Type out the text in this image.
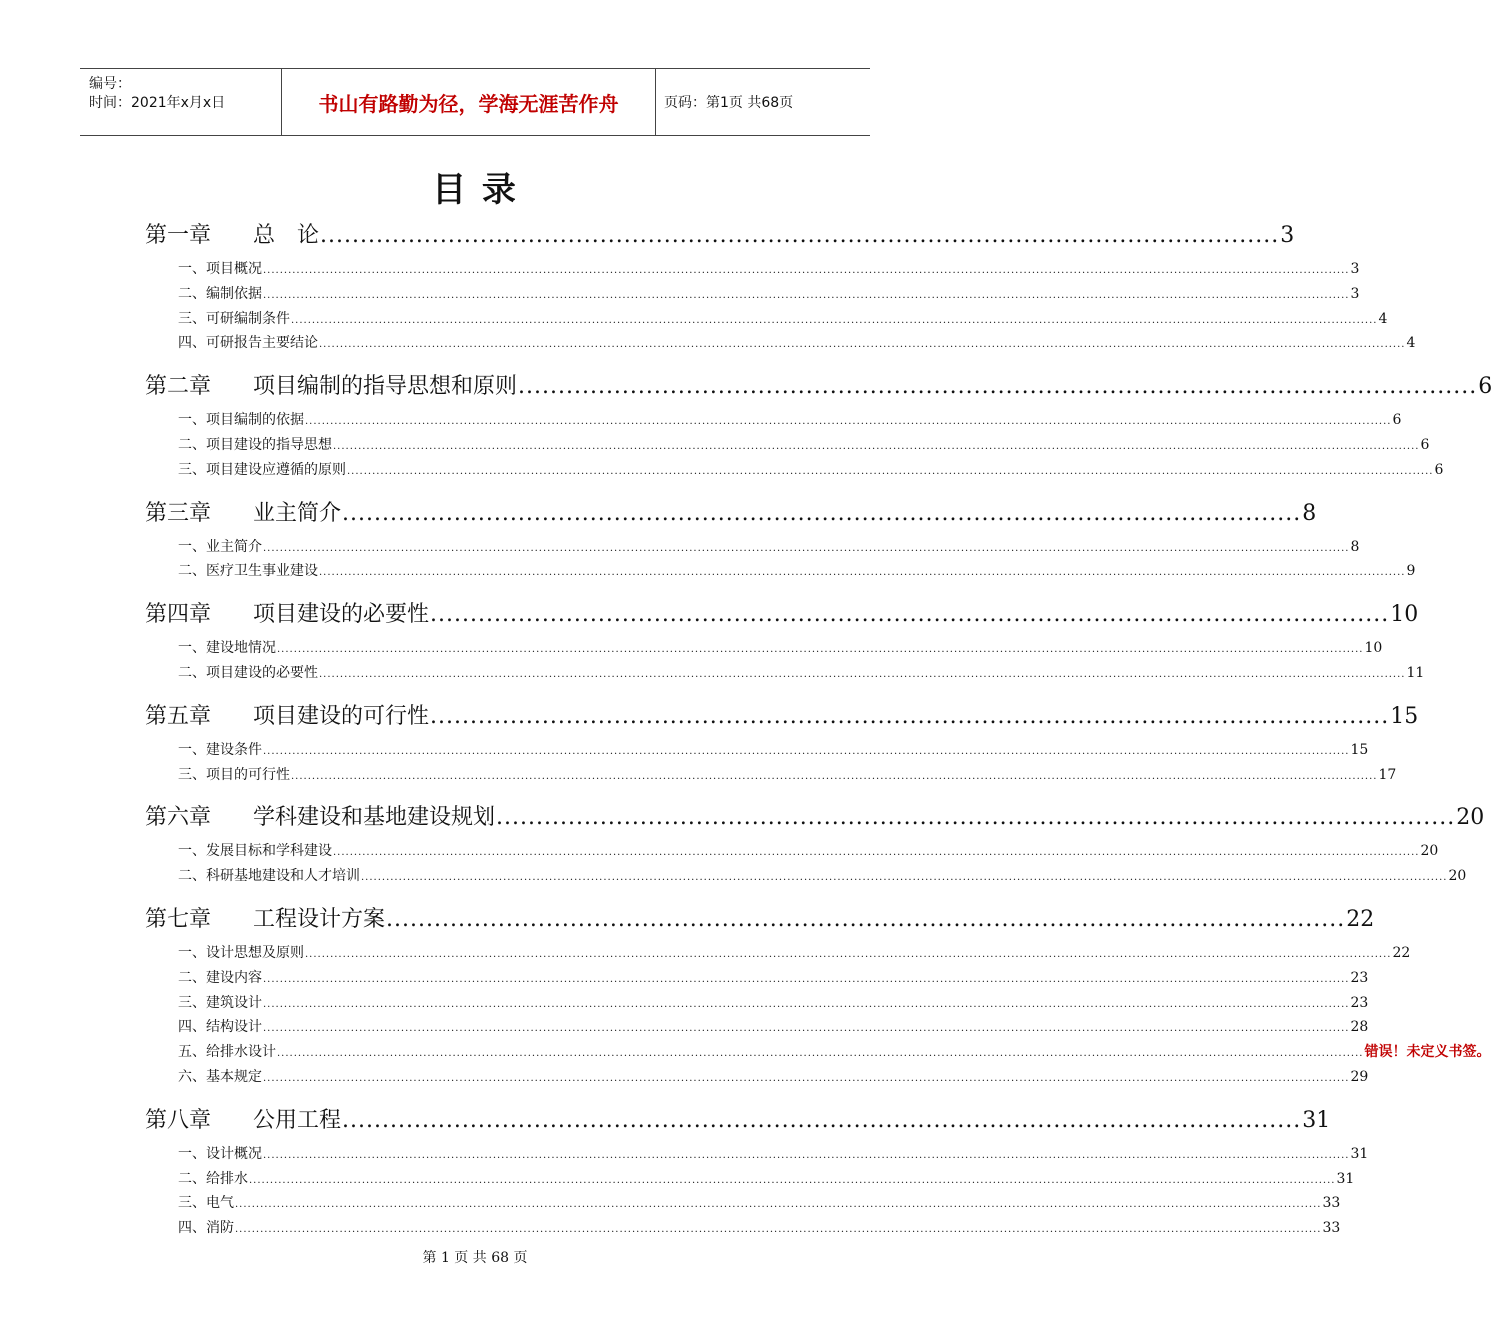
编号：
时间：2021年x月x日	书山有路勤为径，学海无涯苦作舟	页码：第1页 共68页
目 录
第一章	总　论 ........................................................................................................................ 3
一、项目概况 .................................................................................................................................................................................................................................................................... 3
二、编制依据 .................................................................................................................................................................................................................................................................... 3
三、可研编制条件 .................................................................................................................................................................................................................................................................... 4
四、可研报告主要结论 .................................................................................................................................................................................................................................................................... 4
第二章	项目编制的指导思想和原则 ........................................................................................................................ 6
一、项目编制的依据 .................................................................................................................................................................................................................................................................... 6
二、项目建设的指导思想 .................................................................................................................................................................................................................................................................... 6
三、项目建设应遵循的原则 .................................................................................................................................................................................................................................................................... 6
第三章	业主简介 ........................................................................................................................ 8
一、业主简介 .................................................................................................................................................................................................................................................................... 8
二、医疗卫生事业建设 .................................................................................................................................................................................................................................................................... 9
第四章	项目建设的必要性 ........................................................................................................................ 10
一、建设地情况 .................................................................................................................................................................................................................................................................... 10
二、项目建设的必要性 .................................................................................................................................................................................................................................................................... 11
第五章	项目建设的可行性 ........................................................................................................................ 15
一、建设条件 .................................................................................................................................................................................................................................................................... 15
三、项目的可行性 .................................................................................................................................................................................................................................................................... 17
第六章	学科建设和基地建设规划 ........................................................................................................................ 20
一、发展目标和学科建设 .................................................................................................................................................................................................................................................................... 20
二、科研基地建设和人才培训 .................................................................................................................................................................................................................................................................... 20
第七章	工程设计方案 ........................................................................................................................ 22
一、设计思想及原则 .................................................................................................................................................................................................................................................................... 22
二、建设内容 .................................................................................................................................................................................................................................................................... 23
三、建筑设计 .................................................................................................................................................................................................................................................................... 23
四、结构设计 .................................................................................................................................................................................................................................................................... 28
五、给排水设计 .................................................................................................................................................................................................................................................................... 错误！未定义书签。
六、基本规定 .................................................................................................................................................................................................................................................................... 29
第八章	公用工程 ........................................................................................................................ 31
一、设计概况 .................................................................................................................................................................................................................................................................... 31
二、给排水 .................................................................................................................................................................................................................................................................... 31
三、电气 .................................................................................................................................................................................................................................................................... 33
四、消防 .................................................................................................................................................................................................................................................................... 33
第 1 页 共 68 页
